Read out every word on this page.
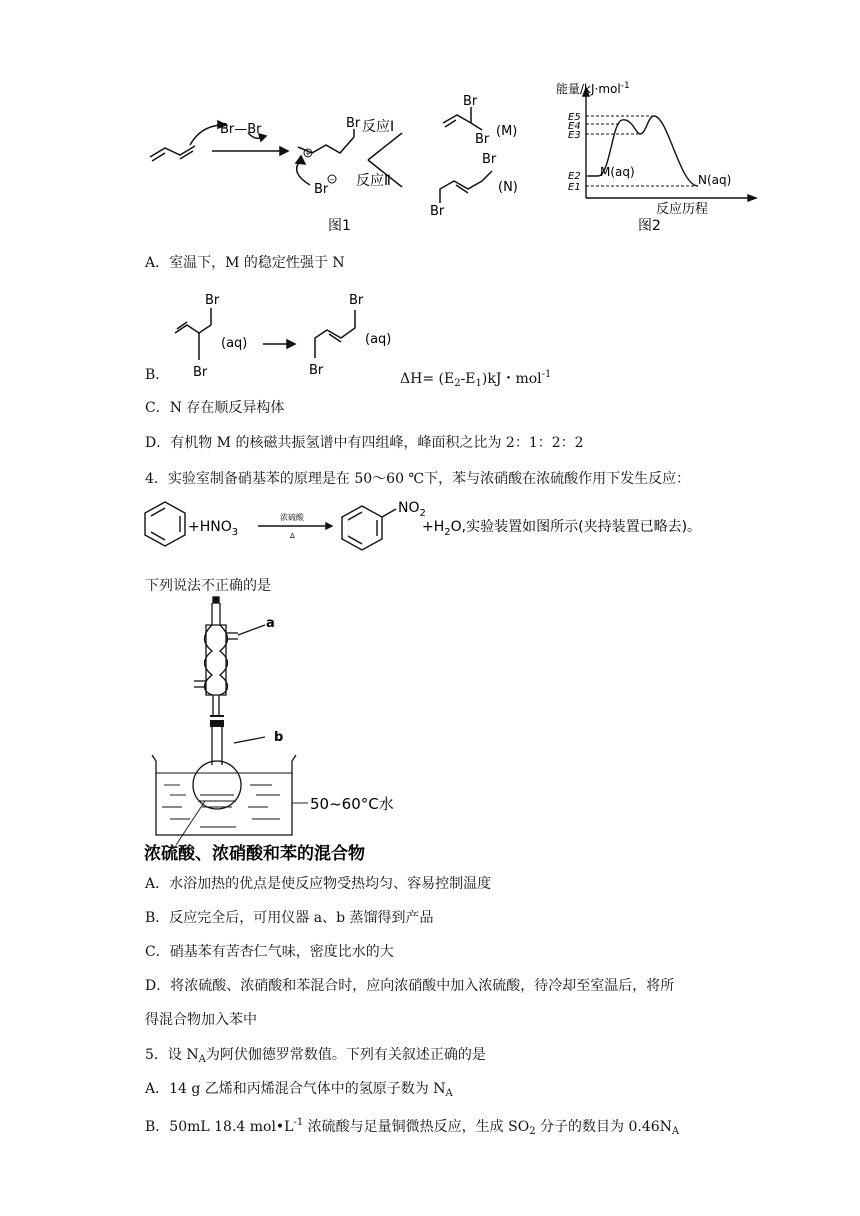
+
−
Br—Br	Br
Br
反应Ⅰ
反应Ⅱ
Br
Br
(M)
Br
Br
(N)
图1
能量/kJ·mol$^{-1}$
E5
E4
E3
E2
E1
M(aq)
N(aq)
反应历程
图2
A．室温下，M 的稳定性强于 N
B．
Br
Br
(aq)
Br
Br
(aq)
$\Delta H= (E_2-E_1)kJ$・mol$^{-1}$
C．N 存在顺反异构体
D．有机物 M 的核磁共振氢谱中有四组峰，峰面积之比为 2：1：2：2
4．实验室制备硝基苯的原理是在 50～60 ℃下，苯与浓硝酸在浓硫酸作用下发生反应：
$+HNO_3$
浓硫酸
Δ
$NO_2$
$+H_2O$,实验装置如图所示(夹持装置已略去)。
下列说法不正确的是
a
b
50~60°C水
浓硫酸、浓硝酸和苯的混合物
A．水浴加热的优点是使反应物受热均匀、容易控制温度
B．反应完全后，可用仪器 a、b 蒸馏得到产品
C．硝基苯有苦杏仁气味，密度比水的大
D．将浓硫酸、浓硝酸和苯混合时，应向浓硝酸中加入浓硫酸，待冷却至室温后，将所
得混合物加入苯中
5．设 $N_A$为阿伏伽德罗常数值。下列有关叙述正确的是
A．14 g 乙烯和丙烯混合气体中的氢原子数为 $N_A$
B．50mL 18.4 $mol•L^{-1}$ 浓硫酸与足量铜微热反应，生成 $SO_2$ 分子的数目为 $0.46N_A$
